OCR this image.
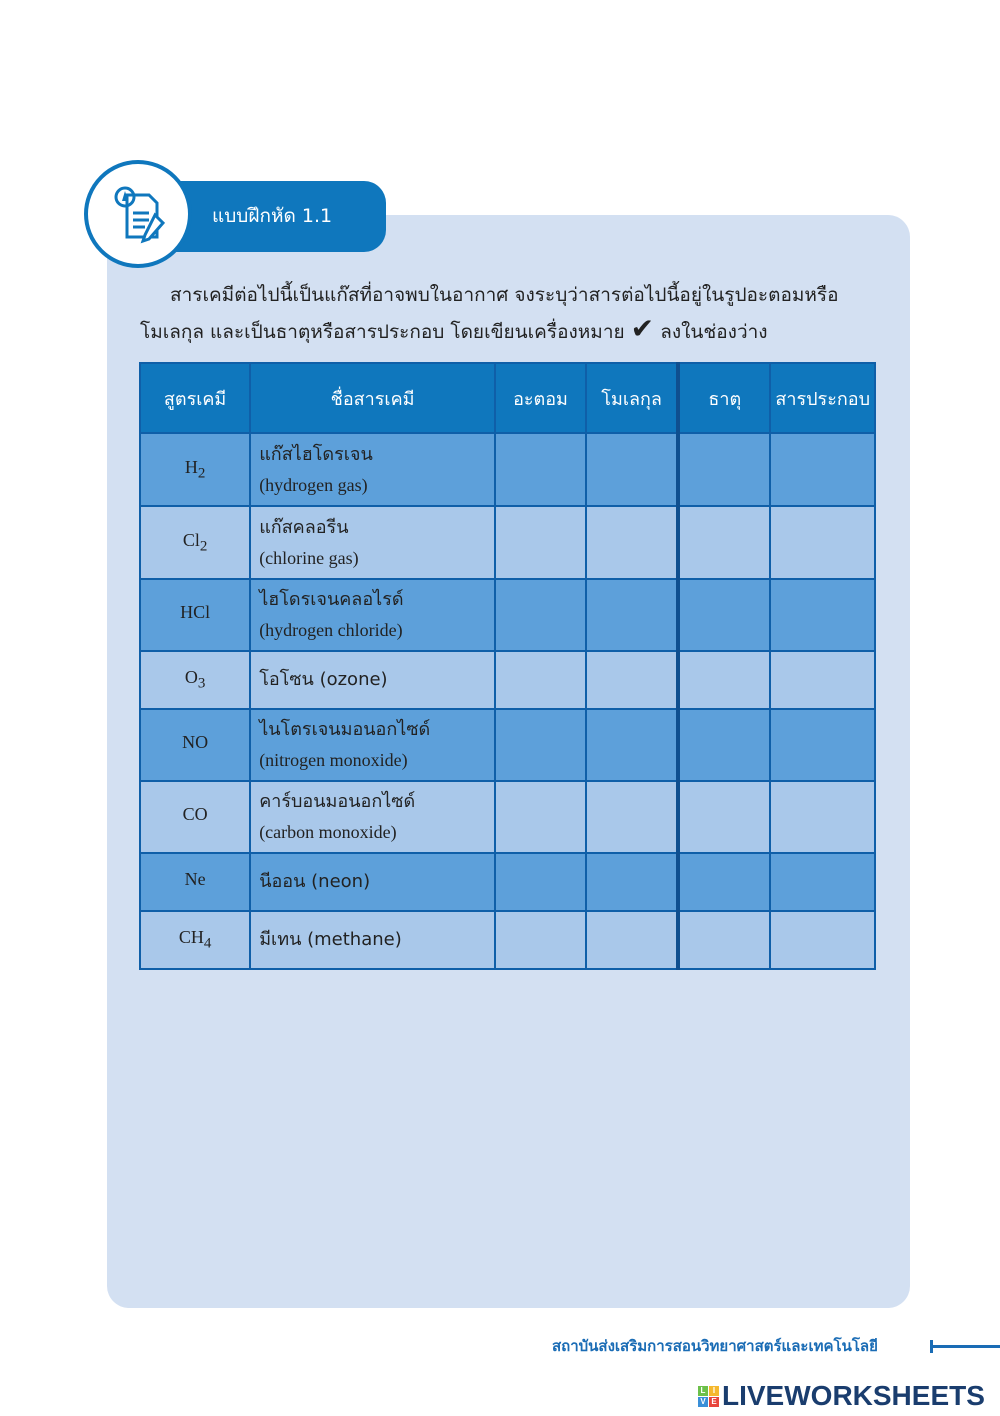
แบบฝึกหัด 1.1
สารเคมีต่อไปนี้เป็นแก๊สที่อาจพบในอากาศ จงระบุว่าสารต่อไปนี้อยู่ในรูปอะตอมหรือ
โมเลกุล และเป็นธาตุหรือสารประกอบ โดยเขียนเครื่องหมาย ✔ ลงในช่องว่าง
สูตรเคมี	ชื่อสารเคมี	อะตอม	โมเลกุล	ธาตุ	สารประกอบ
$H_2$	แก๊สไฮโดรเจน
(hydrogen gas)				

$Cl_2$	แก๊สคลอรีน
(chlorine gas)				

HCl	ไฮโดรเจนคลอไรด์
(hydrogen chloride)				

$O_3$	โอโซน (ozone)				

NO	ไนโตรเจนมอนอกไซด์
(nitrogen monoxide)				

CO	คาร์บอนมอนอกไซด์
(carbon monoxide)				

Ne	นีออน (neon)				

$CH_4$	มีเทน (methane)				

สถาบันส่งเสริมการสอนวิทยาศาสตร์และเทคโนโลยี
L I
V E LIVEWORKSHEETS
